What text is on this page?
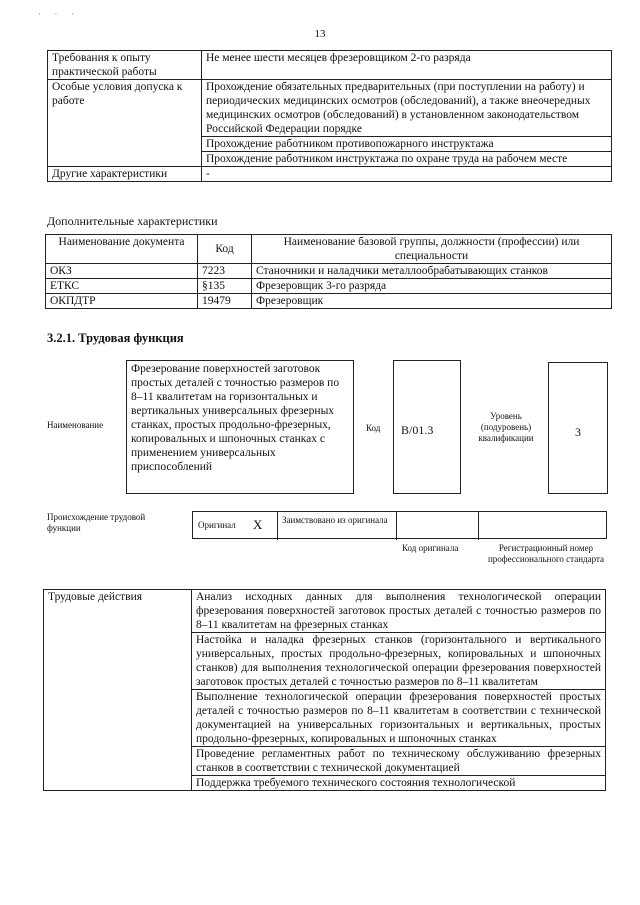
· · ·
13
Требования к опыту практической работы	Не менее шести месяцев фрезеровщиком 2-го разряда
Особые условия допуска к работе	Прохождение обязательных предварительных (при поступлении на работу) и периодических медицинских осмотров (обследований), а также внеочередных медицинских осмотров (обследований) в установленном законодательством Российской Федерации порядке
	Прохождение работником противопожарного инструктажа
	Прохождение работником инструктажа по охране труда на рабочем месте
Другие характеристики	-
Дополнительные характеристики
Наименование документа	Код	Наименование базовой группы, должности (профессии) или специальности
ОКЗ	7223	Станочники и наладчики металлообрабатывающих станков
ЕТКС	§135	Фрезеровщик 3-го разряда
ОКПДТР	19479	Фрезеровщик
3.2.1. Трудовая функция
Наименование
Фрезерование поверхностей заготовок простых деталей с точностью размеров по 8–11 квалитетам на горизонтальных и вертикальных универсальных фрезерных станках, простых продольно-фрезерных, копировальных и шпоночных станках с применением универсальных приспособлений
Код	B/01.3
Уровень (подуровень) квалификации	3
Происхождение трудовой функции	Оригинал X Заимствовано из оригинала
Код оригинала	Регистрационный номер профессионального стандарта
Трудовые действия	Анализ исходных данных для выполнения технологической операции фрезерования поверхностей заготовок простых деталей с точностью размеров по 8–11 квалитетам на фрезерных станках
Настойка и наладка фрезерных станков (горизонтального и вертикального универсальных, простых продольно-фрезерных, копировальных и шпоночных станков) для выполнения технологической операции фрезерования поверхностей заготовок простых деталей с точностью размеров по 8–11 квалитетам
Выполнение технологической операции фрезерования поверхностей простых деталей с точностью размеров по 8–11 квалитетам в соответствии с технической документацией на универсальных горизонтальных и вертикальных, простых продольно-фрезерных, копировальных и шпоночных станках
Проведение регламентных работ по техническому обслуживанию фрезерных станков в соответствии с технической документацией
Поддержка требуемого технического состояния технологической
